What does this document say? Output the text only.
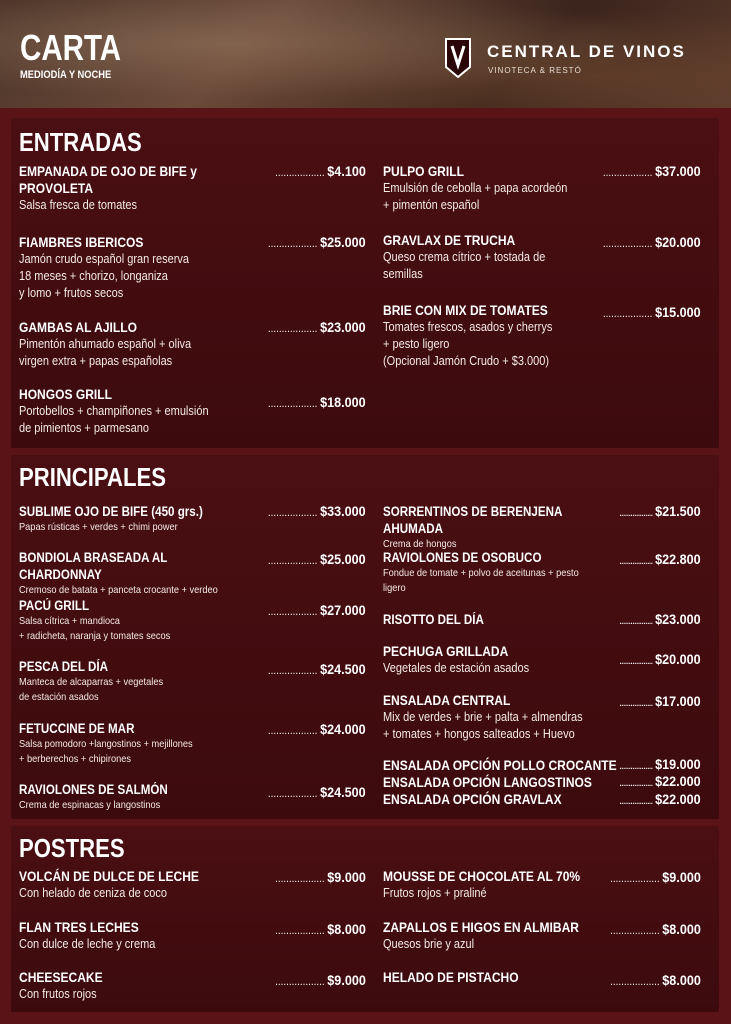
CARTA
MEDIODÍA Y NOCHE
CENTRAL DE VINOS
VINOTECA & RESTÓ
ENTRADAS
EMPANADA DE OJO DE BIFE y
PROVOLETA
Salsa fresca de tomates
.................. $4.100
FIAMBRES IBERICOS
Jamón crudo español gran reserva
18 meses + chorizo, longaniza
y lomo + frutos secos
.................. $25.000
GAMBAS AL AJILLO
Pimentón ahumado español + oliva
virgen extra + papas españolas
.................. $23.000
HONGOS GRILL
Portobellos + champiñones + emulsión
de pimientos + parmesano
.................. $18.000
PULPO GRILL
Emulsión de cebolla + papa acordeón
+ pimentón español
.................. $37.000
GRAVLAX DE TRUCHA
Queso crema cítrico + tostada de
semillas
.................. $20.000
BRIE CON MIX DE TOMATES
Tomates frescos, asados y cherrys
+ pesto ligero
(Opcional Jamón Crudo + $3.000)
.................. $15.000
PRINCIPALES
SUBLIME OJO DE BIFE (450 grs.)
Papas rústicas + verdes + chimi power
.................. $33.000
BONDIOLA BRASEADA AL CHARDONNAY
Cremoso de batata + panceta crocante + verdeo
.................. $25.000
PACÚ GRILL
Salsa cítrica + mandioca
+ radicheta, naranja y tomates secos
.................. $27.000
PESCA DEL DÍA
Manteca de alcaparras + vegetales
de estación asados
.................. $24.500
FETUCCINE DE MAR
Salsa pomodoro +langostinos + mejillones
+ berberechos + chipirones
.................. $24.000
RAVIOLONES DE SALMÓN
Crema de espinacas y langostinos
.................. $24.500
SORRENTINOS DE BERENJENA AHUMADA
Crema de hongos
.................. $21.500
RAVIOLONES DE OSOBUCO
Fondue de tomate + polvo de aceitunas + pesto
ligero
.................. $22.800
RISOTTO DEL DÍA	.................. $23.000
PECHUGA GRILLADA
Vegetales de estación asados	.................. $20.000
ENSALADA CENTRAL
Mix de verdes + brie + palta + almendras
+ tomates + hongos salteados + Huevo
.................. $17.000
ENSALADA OPCIÓN POLLO CROCANTE .................. $19.000
ENSALADA OPCIÓN LANGOSTINOS	.................. $22.000
ENSALADA OPCIÓN GRAVLAX	.................. $22.000
POSTRES
VOLCÁN DE DULCE DE LECHE
Con helado de ceniza de coco
.................. $9.000
FLAN TRES LECHES
Con dulce de leche y crema
.................. $8.000
CHEESECAKE
Con frutos rojos
.................. $9.000
MOUSSE DE CHOCOLATE AL 70%
Frutos rojos + praliné
.................. $9.000
ZAPALLOS E HIGOS EN ALMIBAR
Quesos brie y azul
.................. $8.000
HELADO DE PISTACHO	.................. $8.000
